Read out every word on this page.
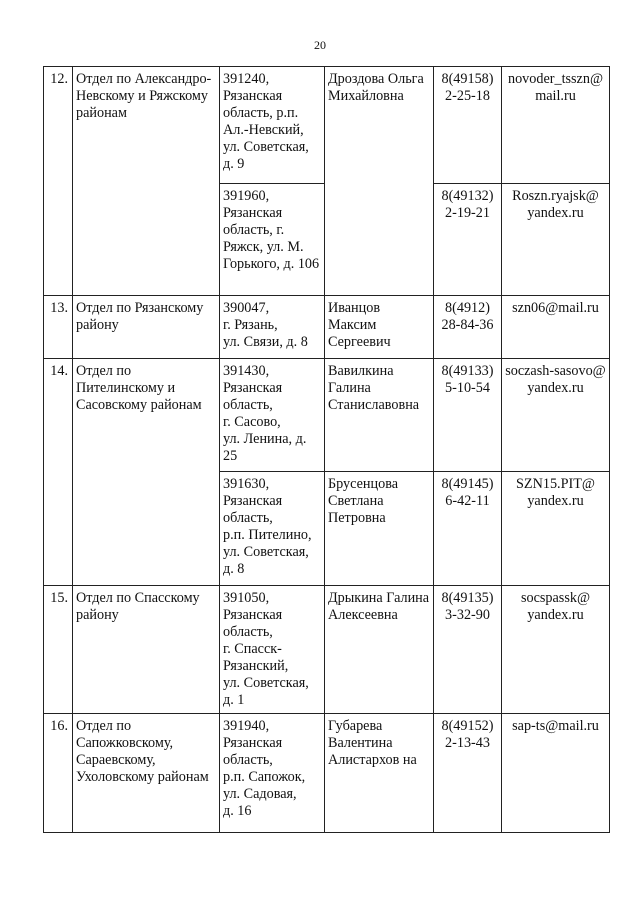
20
12.	Отдел по Александро-Невскому и Ряжскому районам	391240,
Рязанская область, р.п. Ал.-Невский, ул. Советская, д. 9	Дроздова Ольга Михайловна	8(49158)
2-25-18	novoder_tsszn@
mail.ru
		391960,
Рязанская область, г. Ряжск, ул. М. Горького, д. 106		8(49132)
2-19-21	Roszn.ryajsk@
yandex.ru
13.	Отдел по Рязанскому району	390047,
г. Рязань,
ул. Связи, д. 8	Иванцов Максим Сергеевич	8(4912)
28-84-36	szn06@mail.ru
14.	Отдел по Пителинскому и Сасовскому районам	391430,
Рязанская область,
г. Сасово,
ул. Ленина, д. 25	Вавилкина Галина Станиславовна	8(49133)
5-10-54	soczash-sasovo@
yandex.ru
		391630,
Рязанская область,
р.п. Пителино,
ул. Советская, д. 8	Брусенцова Светлана Петровна	8(49145)
6-42-11	SZN15.PIT@
yandex.ru
15.	Отдел по Спасскому району	391050,
Рязанская область,
г. Спасск-Рязанский,
ул. Советская, д. 1	Дрыкина Галина Алексеевна	8(49135)
3-32-90	socspassk@
yandex.ru
16.	Отдел по Сапожковскому, Сараевскому, Ухоловскому районам	391940,
Рязанская область,
р.п. Сапожок,
ул. Садовая,
д. 16	Губарева Валентина Алистархов на	8(49152)
2-13-43	sap-ts@mail.ru
